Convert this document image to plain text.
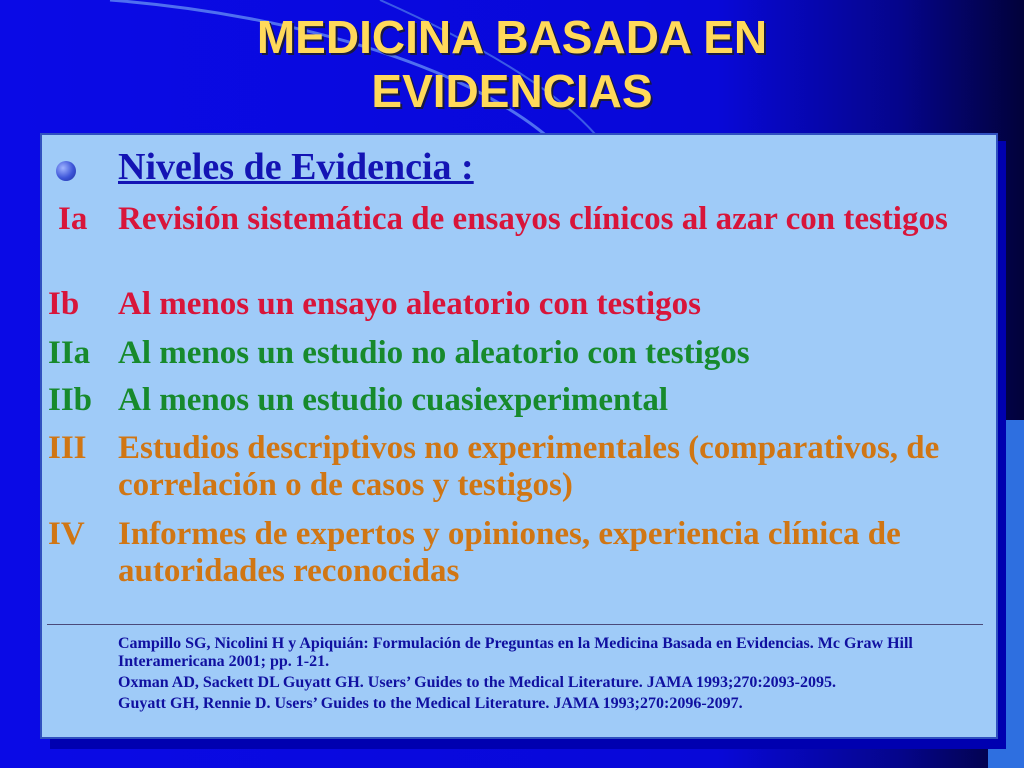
MEDICINA BASADA EN
EVIDENCIAS
Niveles de Evidencia :
Ia Revisión sistemática de ensayos clínicos al azar con testigos
Ib	Al menos un ensayo aleatorio con testigos
IIa Al menos un estudio no aleatorio con testigos
IIb Al menos un estudio cuasiexperimental
III Estudios descriptivos no experimentales (comparativos, de correlación o de casos y testigos)
IV	Informes de expertos y opiniones, experiencia clínica de autoridades reconocidas
Campillo SG, Nicolini H y Apiquián: Formulación de Preguntas en la Medicina Basada en Evidencias. Mc Graw Hill Interamericana 2001; pp. 1-21.
Oxman AD, Sackett DL Guyatt GH. Users’ Guides to the Medical Literature. JAMA 1993;270:2093-2095.
Guyatt GH, Rennie D. Users’ Guides to the Medical Literature. JAMA 1993;270:2096-2097.
